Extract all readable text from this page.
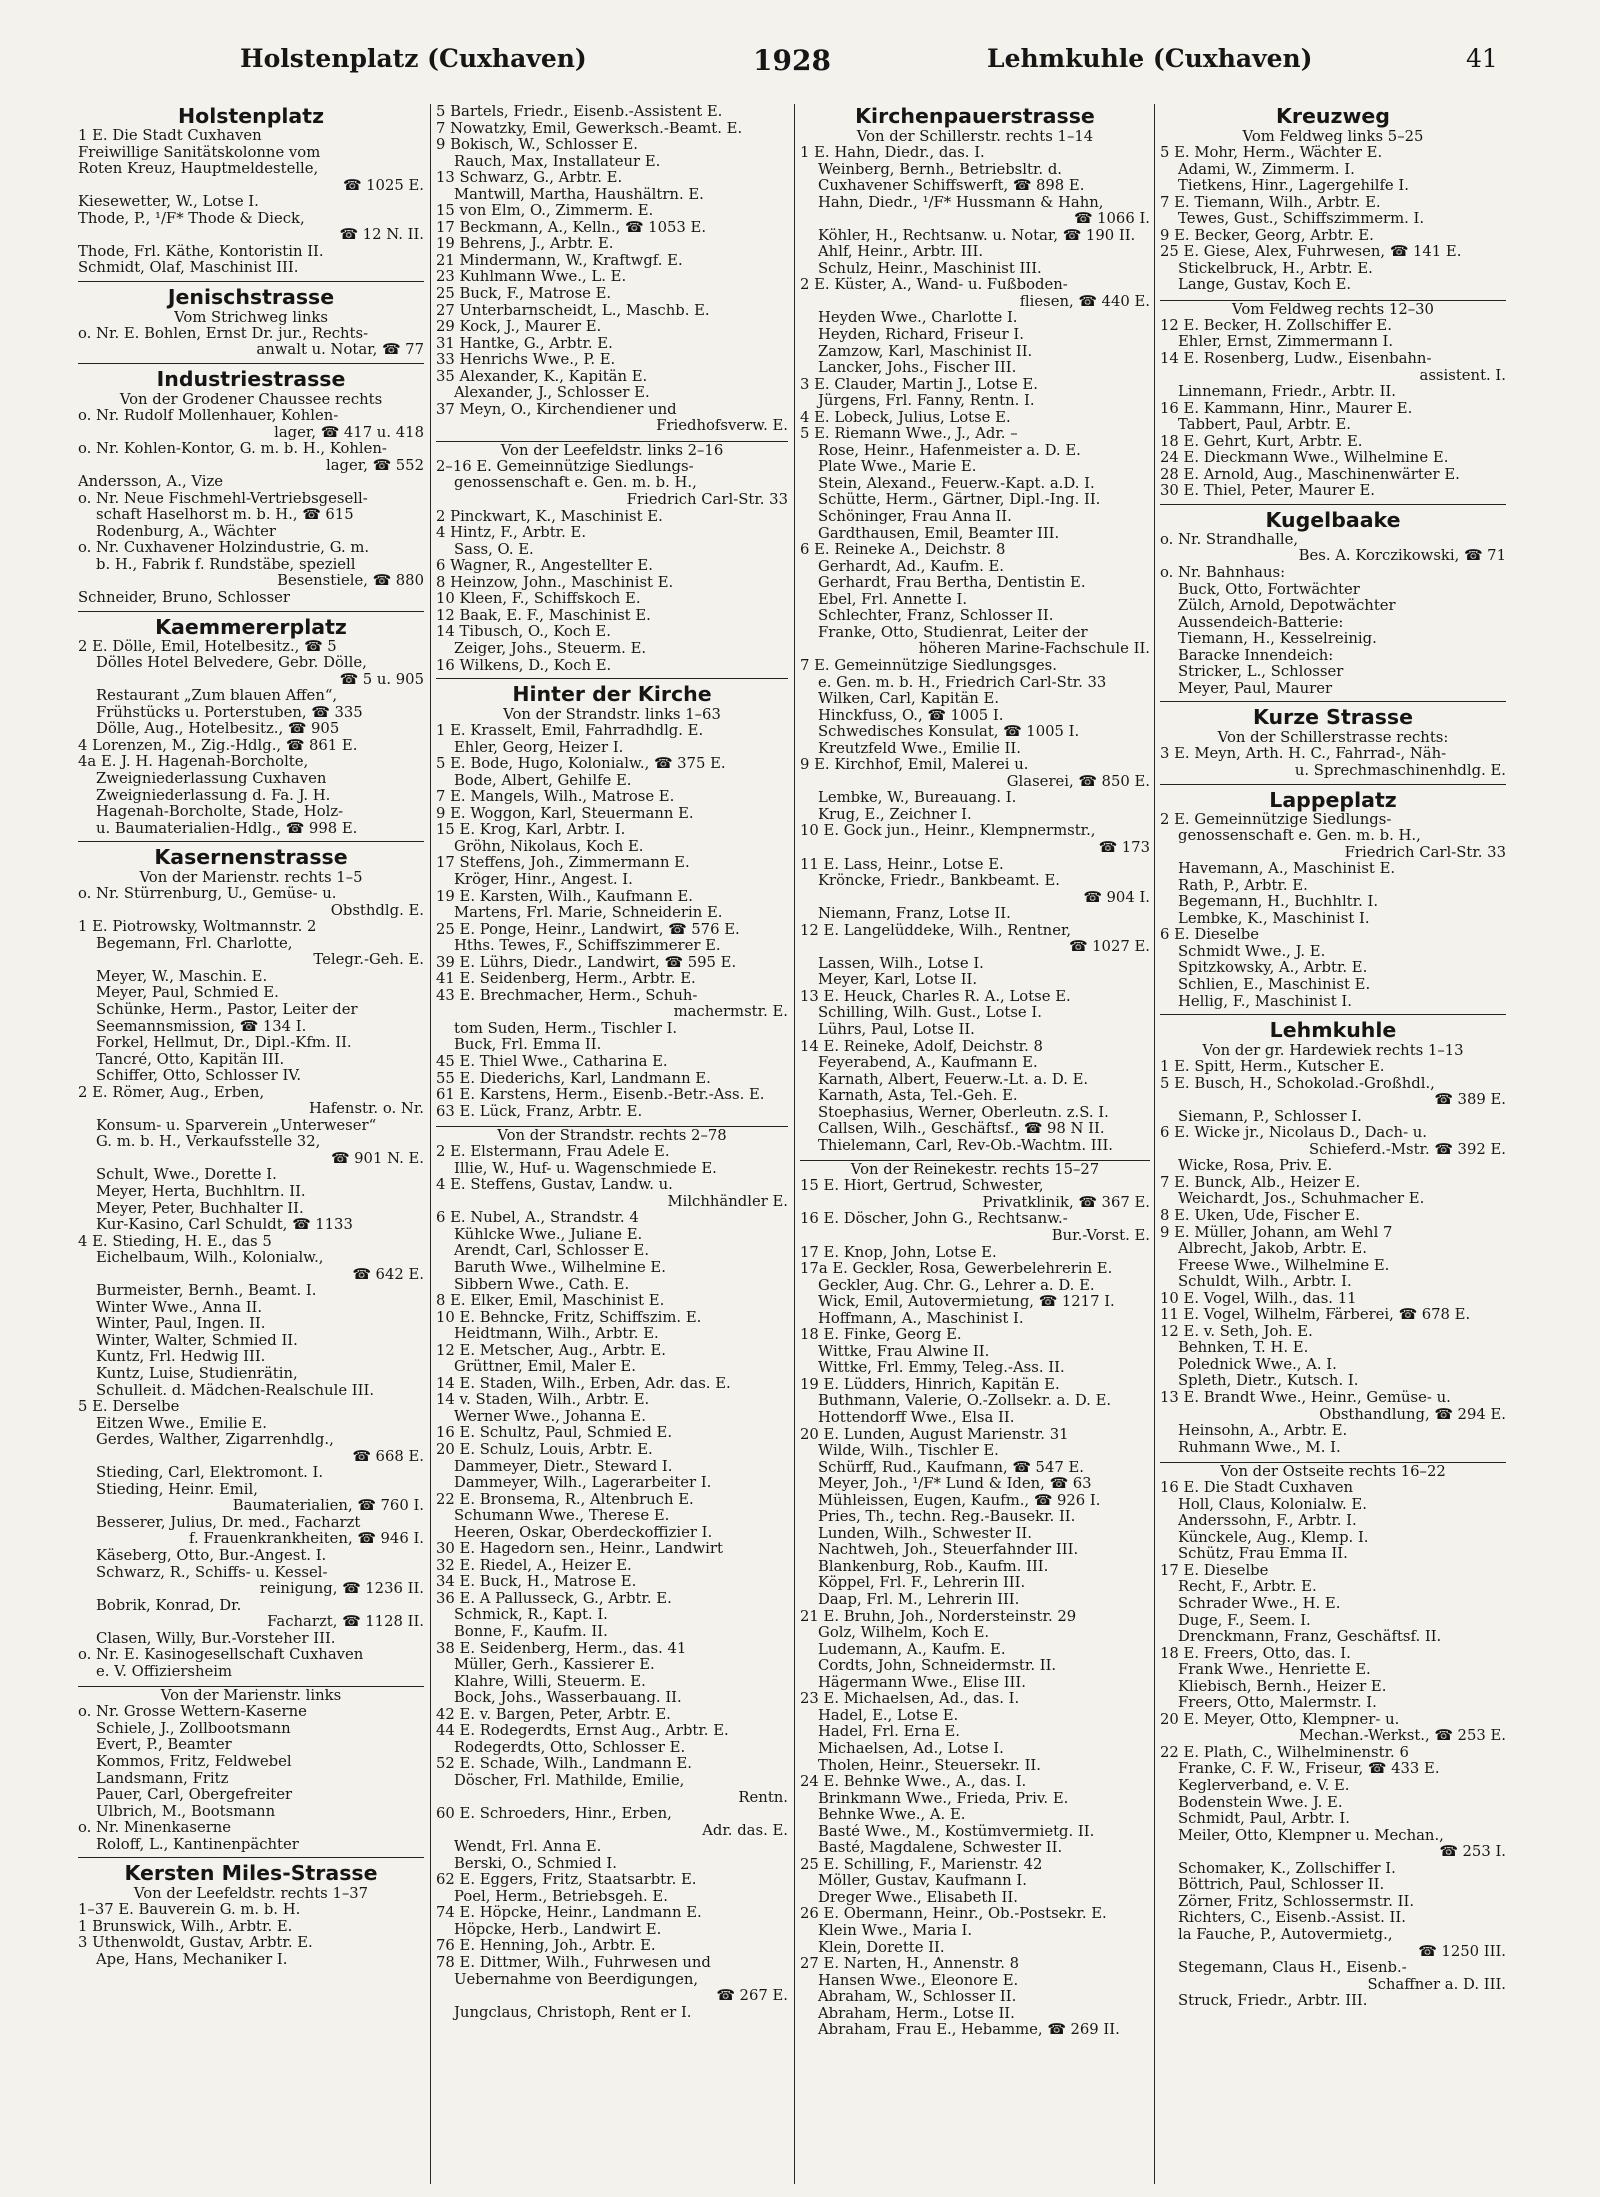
Holstenplatz (Cuxhaven)	1928	Lehmkuhle (Cuxhaven)	41
Holstenplatz
1 E. Die Stadt Cuxhaven
Freiwillige Sanitätskolonne vom
Roten Kreuz, Hauptmeldestelle,
☎ 1025 E.
Kiesewetter, W., Lotse I.
Thode, P., ¹/F* Thode & Dieck,
☎ 12 N. II.
Thode, Frl. Käthe, Kontoristin II.
Schmidt, Olaf, Maschinist III.
Jenischstrasse
Vom Strichweg links
o. Nr. E. Bohlen, Ernst Dr. jur., Rechts-
anwalt u. Notar, ☎ 77
Industriestrasse
Von der Grodener Chaussee rechts
o. Nr. Rudolf Mollenhauer, Kohlen-
lager, ☎ 417 u. 418
o. Nr. Kohlen-Kontor, G. m. b. H., Kohlen-
lager, ☎ 552
Andersson, A., Vize
o. Nr. Neue Fischmehl-Vertriebsgesell-
schaft Haselhorst m. b. H., ☎ 615
Rodenburg, A., Wächter
o. Nr. Cuxhavener Holzindustrie, G. m.
b. H., Fabrik f. Rundstäbe, speziell
Besenstiele, ☎ 880
Schneider, Bruno, Schlosser
Kaemmererplatz
2 E. Dölle, Emil, Hotelbesitz., ☎ 5
Dölles Hotel Belvedere, Gebr. Dölle,
☎ 5 u. 905
Restaurant „Zum blauen Affen“,
Frühstücks u. Porterstuben, ☎ 335
Dölle, Aug., Hotelbesitz., ☎ 905
4 Lorenzen, M., Zig.-Hdlg., ☎ 861 E.
4a E. J. H. Hagenah-Borcholte,
Zweigniederlassung Cuxhaven
Zweigniederlassung d. Fa. J. H.
Hagenah-Borcholte, Stade, Holz-
u. Baumaterialien-Hdlg., ☎ 998 E.
Kasernenstrasse
Von der Marienstr. rechts 1–5
o. Nr. Stürrenburg, U., Gemüse- u.
Obsthdlg. E.
1 E. Piotrowsky, Woltmannstr. 2
Begemann, Frl. Charlotte,
Telegr.-Geh. E.
Meyer, W., Maschin. E.
Meyer, Paul, Schmied E.
Schünke, Herm., Pastor, Leiter der
Seemannsmission, ☎ 134 I.
Forkel, Hellmut, Dr., Dipl.-Kfm. II.
Tancré, Otto, Kapitän III.
Schiffer, Otto, Schlosser IV.
2 E. Römer, Aug., Erben,
Hafenstr. o. Nr.
Konsum- u. Sparverein „Unterweser“
G. m. b. H., Verkaufsstelle 32,
☎ 901 N. E.
Schult, Wwe., Dorette I.
Meyer, Herta, Buchhltrn. II.
Meyer, Peter, Buchhalter II.
Kur-Kasino, Carl Schuldt, ☎ 1133
4 E. Stieding, H. E., das 5
Eichelbaum, Wilh., Kolonialw.,
☎ 642 E.
Burmeister, Bernh., Beamt. I.
Winter Wwe., Anna II.
Winter, Paul, Ingen. II.
Winter, Walter, Schmied II.
Kuntz, Frl. Hedwig III.
Kuntz, Luise, Studienrätin,
Schulleit. d. Mädchen-Realschule III.
5 E. Derselbe
Eitzen Wwe., Emilie E.
Gerdes, Walther, Zigarrenhdlg.,
☎ 668 E.
Stieding, Carl, Elektromont. I.
Stieding, Heinr. Emil,
Baumaterialien, ☎ 760 I.
Besserer, Julius, Dr. med., Facharzt
f. Frauenkrankheiten, ☎ 946 I.
Käseberg, Otto, Bur.-Angest. I.
Schwarz, R., Schiffs- u. Kessel-
reinigung, ☎ 1236 II.
Bobrik, Konrad, Dr.
Facharzt, ☎ 1128 II.
Clasen, Willy, Bur.-Vorsteher III.
o. Nr. E. Kasinogesellschaft Cuxhaven
e. V. Offiziersheim
Von der Marienstr. links
o. Nr. Grosse Wettern-Kaserne
Schiele, J., Zollbootsmann
Evert, P., Beamter
Kommos, Fritz, Feldwebel
Landsmann, Fritz
Pauer, Carl, Obergefreiter
Ulbrich, M., Bootsmann
o. Nr. Minenkaserne
Roloff, L., Kantinenpächter
Kersten Miles-Strasse
Von der Leefeldstr. rechts 1–37
1–37 E. Bauverein G. m. b. H.
1 Brunswick, Wilh., Arbtr. E.
3 Uthenwoldt, Gustav, Arbtr. E.
Ape, Hans, Mechaniker I.
5 Bartels, Friedr., Eisenb.-Assistent E.
7 Nowatzky, Emil, Gewerksch.-Beamt. E.
9 Bokisch, W., Schlosser E.
Rauch, Max, Installateur E.
13 Schwarz, G., Arbtr. E.
Mantwill, Martha, Haushältrn. E.
15 von Elm, O., Zimmerm. E.
17 Beckmann, A., Kelln., ☎ 1053 E.
19 Behrens, J., Arbtr. E.
21 Mindermann, W., Kraftwgf. E.
23 Kuhlmann Wwe., L. E.
25 Buck, F., Matrose E.
27 Unterbarnscheidt, L., Maschb. E.
29 Kock, J., Maurer E.
31 Hantke, G., Arbtr. E.
33 Henrichs Wwe., P. E.
35 Alexander, K., Kapitän E.
Alexander, J., Schlosser E.
37 Meyn, O., Kirchendiener und
Friedhofsverw. E.
Von der Leefeldstr. links 2–16
2–16 E. Gemeinnützige Siedlungs-
genossenschaft e. Gen. m. b. H.,
Friedrich Carl-Str. 33
2 Pinckwart, K., Maschinist E.
4 Hintz, F., Arbtr. E.
Sass, O. E.
6 Wagner, R., Angestellter E.
8 Heinzow, John., Maschinist E.
10 Kleen, F., Schiffskoch E.
12 Baak, E. F., Maschinist E.
14 Tibusch, O., Koch E.
Zeiger, Johs., Steuerm. E.
16 Wilkens, D., Koch E.
Hinter der Kirche
Von der Strandstr. links 1–63
1 E. Krasselt, Emil, Fahrradhdlg. E.
Ehler, Georg, Heizer I.
5 E. Bode, Hugo, Kolonialw., ☎ 375 E.
Bode, Albert, Gehilfe E.
7 E. Mangels, Wilh., Matrose E.
9 E. Woggon, Karl, Steuermann E.
15 E. Krog, Karl, Arbtr. I.
Gröhn, Nikolaus, Koch E.
17 Steffens, Joh., Zimmermann E.
Kröger, Hinr., Angest. I.
19 E. Karsten, Wilh., Kaufmann E.
Martens, Frl. Marie, Schneiderin E.
25 E. Ponge, Heinr., Landwirt, ☎ 576 E.
Hths. Tewes, F., Schiffszimmerer E.
39 E. Lührs, Diedr., Landwirt, ☎ 595 E.
41 E. Seidenberg, Herm., Arbtr. E.
43 E. Brechmacher, Herm., Schuh-
machermstr. E.
tom Suden, Herm., Tischler I.
Buck, Frl. Emma II.
45 E. Thiel Wwe., Catharina E.
55 E. Diederichs, Karl, Landmann E.
61 E. Karstens, Herm., Eisenb.-Betr.-Ass. E.
63 E. Lück, Franz, Arbtr. E.
Von der Strandstr. rechts 2–78
2 E. Elstermann, Frau Adele E.
Illie, W., Huf- u. Wagenschmiede E.
4 E. Steffens, Gustav, Landw. u.
Milchhändler E.
6 E. Nubel, A., Strandstr. 4
Kühlcke Wwe., Juliane E.
Arendt, Carl, Schlosser E.
Baruth Wwe., Wilhelmine E.
Sibbern Wwe., Cath. E.
8 E. Elker, Emil, Maschinist E.
10 E. Behncke, Fritz, Schiffszim. E.
Heidtmann, Wilh., Arbtr. E.
12 E. Metscher, Aug., Arbtr. E.
Grüttner, Emil, Maler E.
14 E. Staden, Wilh., Erben, Adr. das. E.
14 v. Staden, Wilh., Arbtr. E.
Werner Wwe., Johanna E.
16 E. Schultz, Paul, Schmied E.
20 E. Schulz, Louis, Arbtr. E.
Dammeyer, Dietr., Steward I.
Dammeyer, Wilh., Lagerarbeiter I.
22 E. Bronsema, R., Altenbruch E.
Schumann Wwe., Therese E.
Heeren, Oskar, Oberdeckoffizier I.
30 E. Hagedorn sen., Heinr., Landwirt
32 E. Riedel, A., Heizer E.
34 E. Buck, H., Matrose E.
36 E. A Pallusseck, G., Arbtr. E.
Schmick, R., Kapt. I.
Bonne, F., Kaufm. II.
38 E. Seidenberg, Herm., das. 41
Müller, Gerh., Kassierer E.
Klahre, Willi, Steuerm. E.
Bock, Johs., Wasserbauang. II.
42 E. v. Bargen, Peter, Arbtr. E.
44 E. Rodegerdts, Ernst Aug., Arbtr. E.
Rodegerdts, Otto, Schlosser E.
52 E. Schade, Wilh., Landmann E.
Döscher, Frl. Mathilde, Emilie,
Rentn.
60 E. Schroeders, Hinr., Erben,
Adr. das. E.
Wendt, Frl. Anna E.
Berski, O., Schmied I.
62 E. Eggers, Fritz, Staatsarbtr. E.
Poel, Herm., Betriebsgeh. E.
74 E. Höpcke, Heinr., Landmann E.
Höpcke, Herb., Landwirt E.
76 E. Henning, Joh., Arbtr. E.
78 E. Dittmer, Wilh., Fuhrwesen und
Uebernahme von Beerdigungen,
☎ 267 E.
Jungclaus, Christoph, Rent er I.
Kirchenpauerstrasse
Von der Schillerstr. rechts 1–14
1 E. Hahn, Diedr., das. I.
Weinberg, Bernh., Betriebsltr. d.
Cuxhavener Schiffswerft, ☎ 898 E.
Hahn, Diedr., ¹/F* Hussmann & Hahn,
☎ 1066 I.
Köhler, H., Rechtsanw. u. Notar, ☎ 190 II.
Ahlf, Heinr., Arbtr. III.
Schulz, Heinr., Maschinist III.
2 E. Küster, A., Wand- u. Fußboden-
fliesen, ☎ 440 E.
Heyden Wwe., Charlotte I.
Heyden, Richard, Friseur I.
Zamzow, Karl, Maschinist II.
Lancker, Johs., Fischer III.
3 E. Clauder, Martin J., Lotse E.
Jürgens, Frl. Fanny, Rentn. I.
4 E. Lobeck, Julius, Lotse E.
5 E. Riemann Wwe., J., Adr. –
Rose, Heinr., Hafenmeister a. D. E.
Plate Wwe., Marie E.
Stein, Alexand., Feuerw.-Kapt. a.D. I.
Schütte, Herm., Gärtner, Dipl.-Ing. II.
Schöninger, Frau Anna II.
Gardthausen, Emil, Beamter III.
6 E. Reineke A., Deichstr. 8
Gerhardt, Ad., Kaufm. E.
Gerhardt, Frau Bertha, Dentistin E.
Ebel, Frl. Annette I.
Schlechter, Franz, Schlosser II.
Franke, Otto, Studienrat, Leiter der
höheren Marine-Fachschule II.
7 E. Gemeinnützige Siedlungsges.
e. Gen. m. b. H., Friedrich Carl-Str. 33
Wilken, Carl, Kapitän E.
Hinckfuss, O., ☎ 1005 I.
Schwedisches Konsulat, ☎ 1005 I.
Kreutzfeld Wwe., Emilie II.
9 E. Kirchhof, Emil, Malerei u.
Glaserei, ☎ 850 E.
Lembke, W., Bureauang. I.
Krug, E., Zeichner I.
10 E. Gock jun., Heinr., Klempnermstr.,
☎ 173
11 E. Lass, Heinr., Lotse E.
Kröncke, Friedr., Bankbeamt. E.
☎ 904 I.
Niemann, Franz, Lotse II.
12 E. Langelüddeke, Wilh., Rentner,
☎ 1027 E.
Lassen, Wilh., Lotse I.
Meyer, Karl, Lotse II.
13 E. Heuck, Charles R. A., Lotse E.
Schilling, Wilh. Gust., Lotse I.
Lührs, Paul, Lotse II.
14 E. Reineke, Adolf, Deichstr. 8
Feyerabend, A., Kaufmann E.
Karnath, Albert, Feuerw.-Lt. a. D. E.
Karnath, Asta, Tel.-Geh. E.
Stoephasius, Werner, Oberleutn. z.S. I.
Callsen, Wilh., Geschäftsf., ☎ 98 N II.
Thielemann, Carl, Rev-Ob.-Wachtm. III.
Von der Reinekestr. rechts 15–27
15 E. Hiort, Gertrud, Schwester,
Privatklinik, ☎ 367 E.
16 E. Döscher, John G., Rechtsanw.-
Bur.-Vorst. E.
17 E. Knop, John, Lotse E.
17a E. Geckler, Rosa, Gewerbelehrerin E.
Geckler, Aug. Chr. G., Lehrer a. D. E.
Wick, Emil, Autovermietung, ☎ 1217 I.
Hoffmann, A., Maschinist I.
18 E. Finke, Georg E.
Wittke, Frau Alwine II.
Wittke, Frl. Emmy, Teleg.-Ass. II.
19 E. Lüdders, Hinrich, Kapitän E.
Buthmann, Valerie, O.-Zollsekr. a. D. E.
Hottendorff Wwe., Elsa II.
20 E. Lunden, August Marienstr. 31
Wilde, Wilh., Tischler E.
Schürff, Rud., Kaufmann, ☎ 547 E.
Meyer, Joh., ¹/F* Lund & Iden, ☎ 63
Mühleissen, Eugen, Kaufm., ☎ 926 I.
Pries, Th., techn. Reg.-Bausekr. II.
Lunden, Wilh., Schwester II.
Nachtweh, Joh., Steuerfahnder III.
Blankenburg, Rob., Kaufm. III.
Köppel, Frl. F., Lehrerin III.
Daap, Frl. M., Lehrerin III.
21 E. Bruhn, Joh., Nordersteinstr. 29
Golz, Wilhelm, Koch E.
Ludemann, A., Kaufm. E.
Cordts, John, Schneidermstr. II.
Hägermann Wwe., Elise III.
23 E. Michaelsen, Ad., das. I.
Hadel, E., Lotse E.
Hadel, Frl. Erna E.
Michaelsen, Ad., Lotse I.
Tholen, Heinr., Steuersekr. II.
24 E. Behnke Wwe., A., das. I.
Brinkmann Wwe., Frieda, Priv. E.
Behnke Wwe., A. E.
Basté Wwe., M., Kostümvermietg. II.
Basté, Magdalene, Schwester II.
25 E. Schilling, F., Marienstr. 42
Möller, Gustav, Kaufmann I.
Dreger Wwe., Elisabeth II.
26 E. Obermann, Heinr., Ob.-Postsekr. E.
Klein Wwe., Maria I.
Klein, Dorette II.
27 E. Narten, H., Annenstr. 8
Hansen Wwe., Eleonore E.
Abraham, W., Schlosser II.
Abraham, Herm., Lotse II.
Abraham, Frau E., Hebamme, ☎ 269 II.
Kreuzweg
Vom Feldweg links 5–25
5 E. Mohr, Herm., Wächter E.
Adami, W., Zimmerm. I.
Tietkens, Hinr., Lagergehilfe I.
7 E. Tiemann, Wilh., Arbtr. E.
Tewes, Gust., Schiffszimmerm. I.
9 E. Becker, Georg, Arbtr. E.
25 E. Giese, Alex, Fuhrwesen, ☎ 141 E.
Stickelbruck, H., Arbtr. E.
Lange, Gustav, Koch E.
Vom Feldweg rechts 12–30
12 E. Becker, H. Zollschiffer E.
Ehler, Ernst, Zimmermann I.
14 E. Rosenberg, Ludw., Eisenbahn-
assistent. I.
Linnemann, Friedr., Arbtr. II.
16 E. Kammann, Hinr., Maurer E.
Tabbert, Paul, Arbtr. E.
18 E. Gehrt, Kurt, Arbtr. E.
24 E. Dieckmann Wwe., Wilhelmine E.
28 E. Arnold, Aug., Maschinenwärter E.
30 E. Thiel, Peter, Maurer E.
Kugelbaake
o. Nr. Strandhalle,
Bes. A. Korczikowski, ☎ 71
o. Nr. Bahnhaus:
Buck, Otto, Fortwächter
Zülch, Arnold, Depotwächter
Aussendeich-Batterie:
Tiemann, H., Kesselreinig.
Baracke Innendeich:
Stricker, L., Schlosser
Meyer, Paul, Maurer
Kurze Strasse
Von der Schillerstrasse rechts:
3 E. Meyn, Arth. H. C., Fahrrad-, Näh-
u. Sprechmaschinenhdlg. E.
Lappeplatz
2 E. Gemeinnützige Siedlungs-
genossenschaft e. Gen. m. b. H.,
Friedrich Carl-Str. 33
Havemann, A., Maschinist E.
Rath, P., Arbtr. E.
Begemann, H., Buchhltr. I.
Lembke, K., Maschinist I.
6 E. Dieselbe
Schmidt Wwe., J. E.
Spitzkowsky, A., Arbtr. E.
Schlien, E., Maschinist E.
Hellig, F., Maschinist I.
Lehmkuhle
Von der gr. Hardewiek rechts 1–13
1 E. Spitt, Herm., Kutscher E.
5 E. Busch, H., Schokolad.-Großhdl.,
☎ 389 E.
Siemann, P., Schlosser I.
6 E. Wicke jr., Nicolaus D., Dach- u.
Schieferd.-Mstr. ☎ 392 E.
Wicke, Rosa, Priv. E.
7 E. Bunck, Alb., Heizer E.
Weichardt, Jos., Schuhmacher E.
8 E. Uken, Ude, Fischer E.
9 E. Müller, Johann, am Wehl 7
Albrecht, Jakob, Arbtr. E.
Freese Wwe., Wilhelmine E.
Schuldt, Wilh., Arbtr. I.
10 E. Vogel, Wilh., das. 11
11 E. Vogel, Wilhelm, Färberei, ☎ 678 E.
12 E. v. Seth, Joh. E.
Behnken, T. H. E.
Polednick Wwe., A. I.
Spleth, Dietr., Kutsch. I.
13 E. Brandt Wwe., Heinr., Gemüse- u.
Obsthandlung, ☎ 294 E.
Heinsohn, A., Arbtr. E.
Ruhmann Wwe., M. I.
Von der Ostseite rechts 16–22
16 E. Die Stadt Cuxhaven
Holl, Claus, Kolonialw. E.
Anderssohn, F., Arbtr. I.
Künckele, Aug., Klemp. I.
Schütz, Frau Emma II.
17 E. Dieselbe
Recht, F., Arbtr. E.
Schrader Wwe., H. E.
Duge, F., Seem. I.
Drenckmann, Franz, Geschäftsf. II.
18 E. Freers, Otto, das. I.
Frank Wwe., Henriette E.
Kliebisch, Bernh., Heizer E.
Freers, Otto, Malermstr. I.
20 E. Meyer, Otto, Klempner- u.
Mechan.-Werkst., ☎ 253 E.
22 E. Plath, C., Wilhelminenstr. 6
Franke, C. F. W., Friseur, ☎ 433 E.
Keglerverband, e. V. E.
Bodenstein Wwe. J. E.
Schmidt, Paul, Arbtr. I.
Meiler, Otto, Klempner u. Mechan.,
☎ 253 I.
Schomaker, K., Zollschiffer I.
Böttrich, Paul, Schlosser II.
Zörner, Fritz, Schlossermstr. II.
Richters, C., Eisenb.-Assist. II.
la Fauche, P., Autovermietg.,
☎ 1250 III.
Stegemann, Claus H., Eisenb.-
Schaffner a. D. III.
Struck, Friedr., Arbtr. III.
